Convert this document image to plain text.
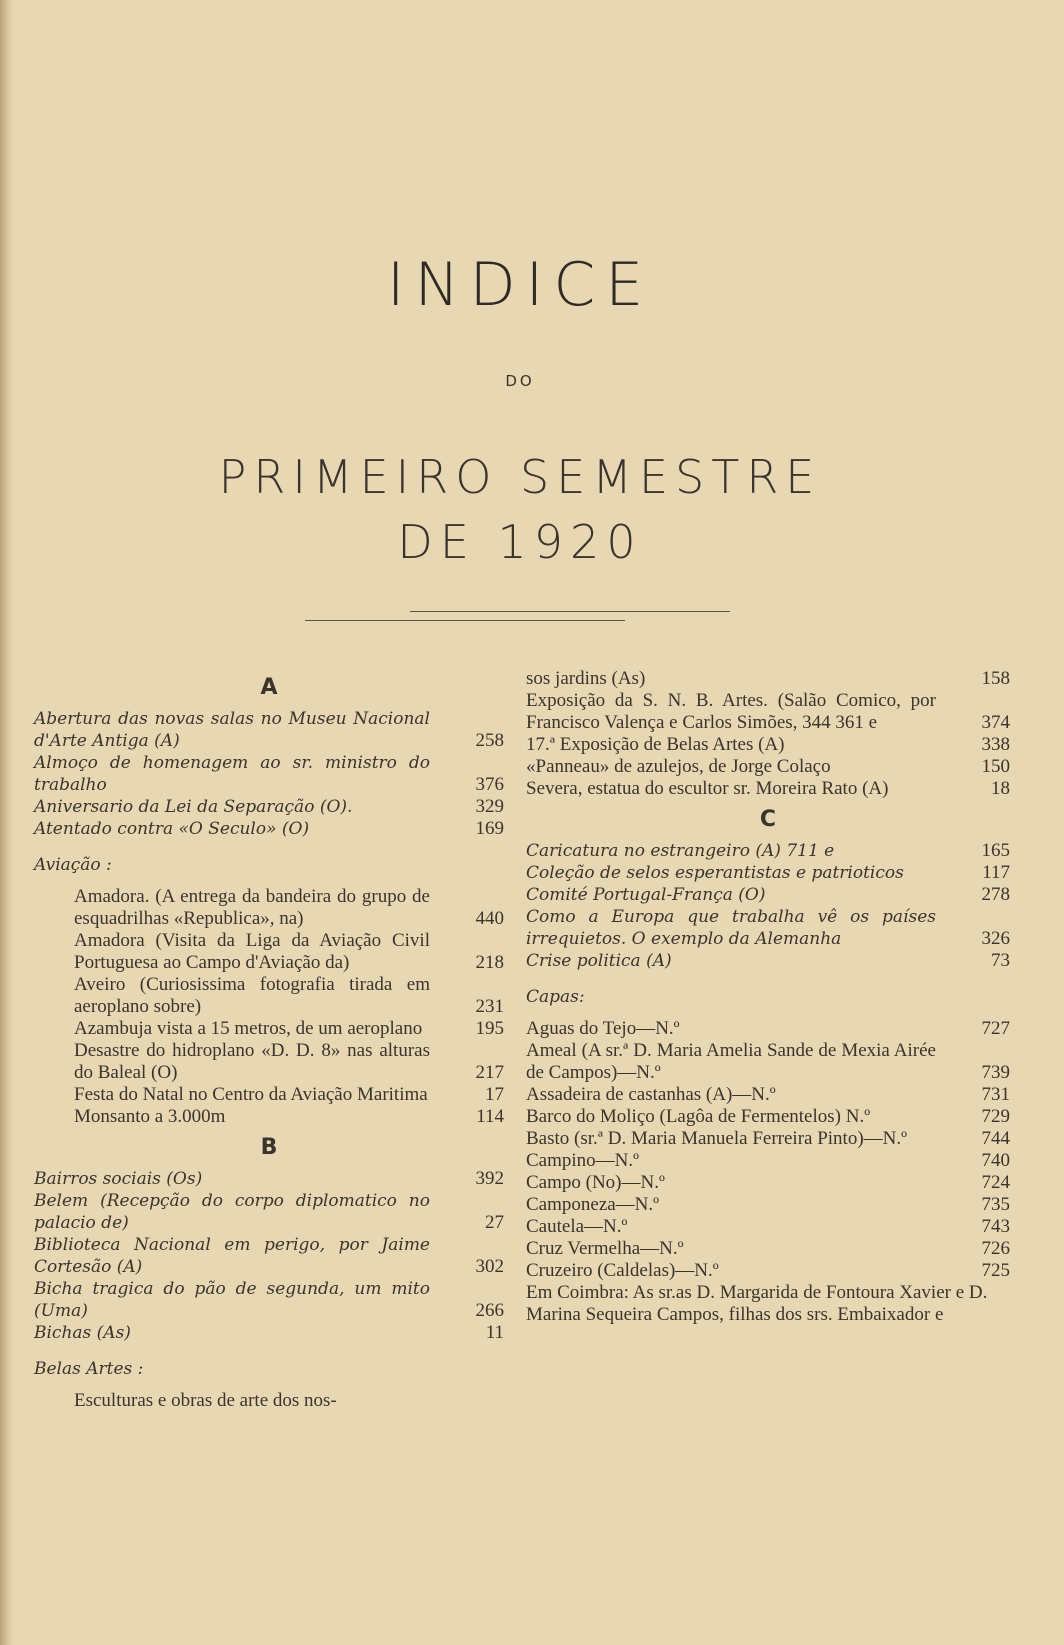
INDICE
DO
PRIMEIRO SEMESTRE
DE 1920
A
Abertura das novas salas no Museu Nacional d'Arte Antiga (A)	258
Almoço de homenagem ao sr. ministro do trabalho	376
Aniversario da Lei da Separação (O).	329
Atentado contra «O Seculo» (O)	169
Aviação :
Amadora. (A entrega da bandeira do grupo de esquadrilhas «Republica», na)	440
Amadora (Visita da Liga da Aviação Civil Portuguesa ao Campo d'Aviação da)	218
Aveiro (Curiosissima fotografia tirada em aeroplano sobre)	231
Azambuja vista a 15 metros, de um aeroplano	195
Desastre do hidroplano «D. D. 8» nas alturas do Baleal (O)	217
Festa do Natal no Centro da Aviação Maritima	17
Monsanto a 3.000m	114
B
Bairros sociais (Os)	392
Belem (Recepção do corpo diplomatico no palacio de)	27
Biblioteca Nacional em perigo, por Jaime Cortesão (A)	302
Bicha tragica do pão de segunda, um mito (Uma)	266
Bichas (As)	11
Belas Artes :
Esculturas e obras de arte dos nos-
sos jardins (As)	158
Exposição da S. N. B. Artes. (Salão Comico, por Francisco Valença e Carlos Simões, 344 361 e	374
17.ª Exposição de Belas Artes (A)	338
«Panneau» de azulejos, de Jorge Colaço	150
Severa, estatua do escultor sr. Moreira Rato (A)	18
C
Caricatura no estrangeiro (A) 711 e	165
Coleção de selos esperantistas e patrioticos	117
Comité Portugal-França (O)	278
Como a Europa que trabalha vê os países irrequietos. O exemplo da Alemanha	326
Crise politica (A)	73
Capas:
Aguas do Tejo—N.º	727
Ameal (A sr.ª D. Maria Amelia Sande de Mexia Airée de Campos)—N.º	739
Assadeira de castanhas (A)—N.º	731
Barco do Moliço (Lagôa de Fermentelos) N.º	729
Basto (sr.ª D. Maria Manuela Ferreira Pinto)—N.º	744
Campino—N.º	740
Campo (No)—N.º	724
Camponeza—N.º	735
Cautela—N.º	743
Cruz Vermelha—N.º	726
Cruzeiro (Caldelas)—N.º	725
Em Coimbra: As sr.as D. Margarida de Fontoura Xavier e D. Marina Sequeira Campos, filhas dos srs. Embaixador e
